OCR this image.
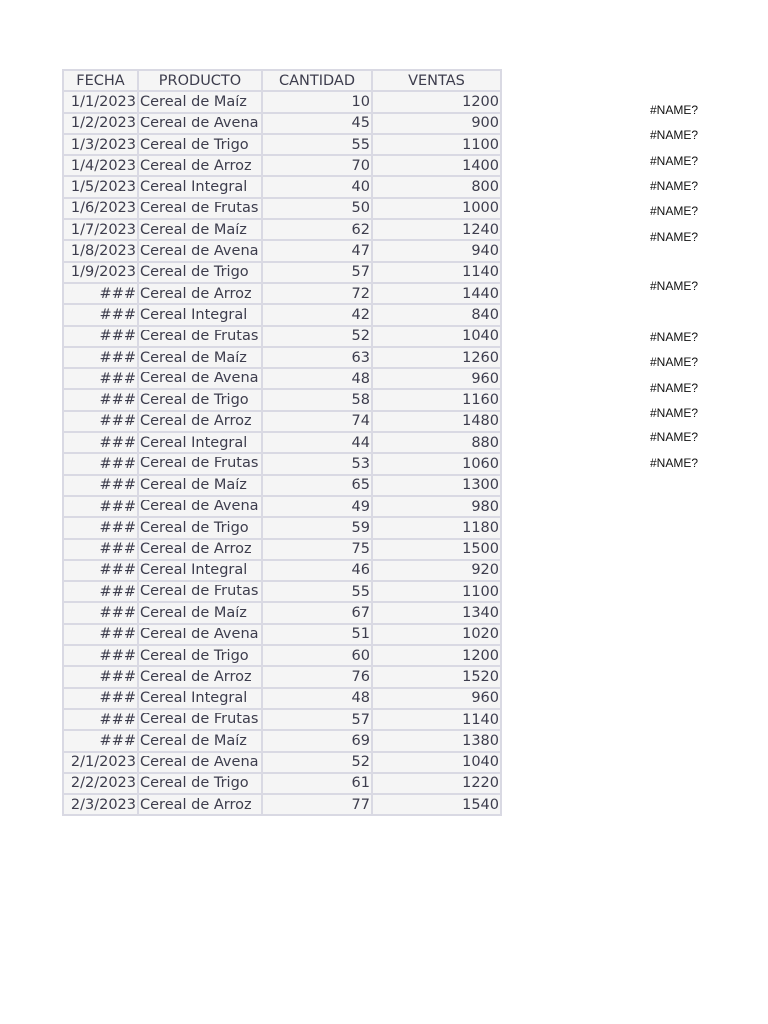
FECHA	PRODUCTO	CANTIDAD	VENTAS
1/1/2023	Cereal de Maíz	10	1200
1/2/2023	Cereal de Avena	45	900
1/3/2023	Cereal de Trigo	55	1100
1/4/2023	Cereal de Arroz	70	1400
1/5/2023	Cereal Integral	40	800
1/6/2023	Cereal de Frutas	50	1000
1/7/2023	Cereal de Maíz	62	1240
1/8/2023	Cereal de Avena	47	940
1/9/2023	Cereal de Trigo	57	1140
###	Cereal de Arroz	72	1440
###	Cereal Integral	42	840
###	Cereal de Frutas	52	1040
###	Cereal de Maíz	63	1260
###	Cereal de Avena	48	960
###	Cereal de Trigo	58	1160
###	Cereal de Arroz	74	1480
###	Cereal Integral	44	880
###	Cereal de Frutas	53	1060
###	Cereal de Maíz	65	1300
###	Cereal de Avena	49	980
###	Cereal de Trigo	59	1180
###	Cereal de Arroz	75	1500
###	Cereal Integral	46	920
###	Cereal de Frutas	55	1100
###	Cereal de Maíz	67	1340
###	Cereal de Avena	51	1020
###	Cereal de Trigo	60	1200
###	Cereal de Arroz	76	1520
###	Cereal Integral	48	960
###	Cereal de Frutas	57	1140
###	Cereal de Maíz	69	1380
2/1/2023	Cereal de Avena	52	1040
2/2/2023	Cereal de Trigo	61	1220
2/3/2023	Cereal de Arroz	77	1540
#NAME?
#NAME?
#NAME?
#NAME?
#NAME?
#NAME?
#NAME?
#NAME?
#NAME?
#NAME?
#NAME?
#NAME?
#NAME?
